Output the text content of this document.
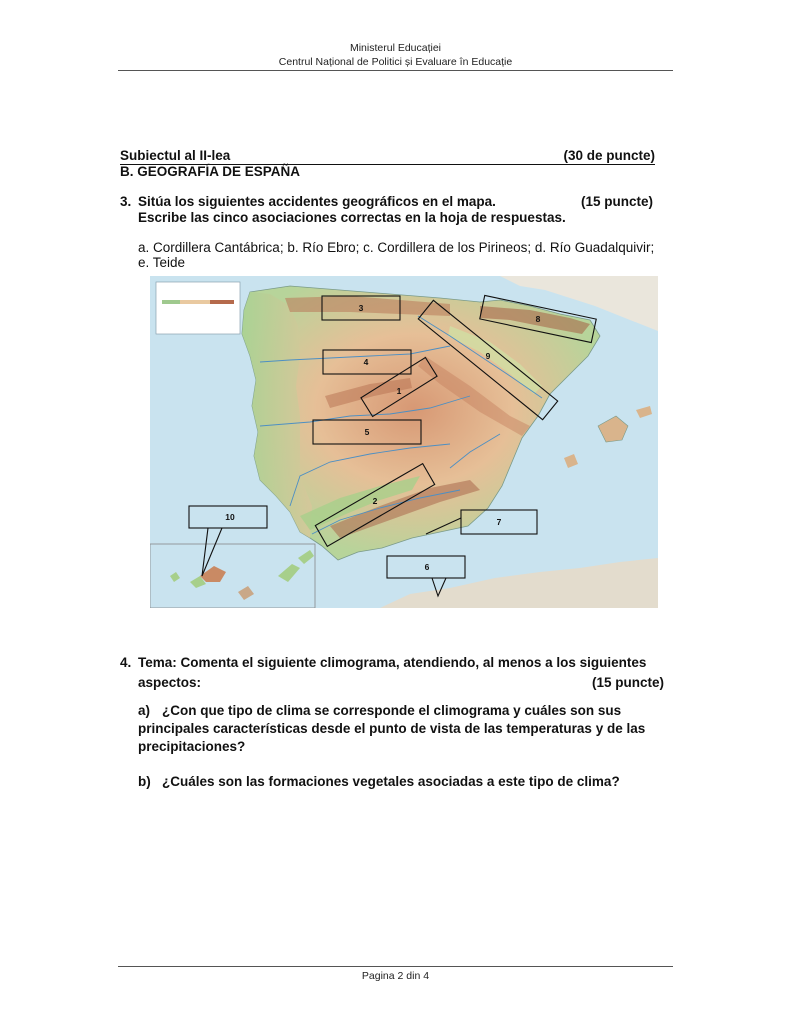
Ministerul Educației
Centrul Național de Politici și Evaluare în Educație
Subiectul al II-lea	(30 de puncte)
B. GEOGRAFÍA DE ESPAÑA
3. Sitúa los siguientes accidentes geográficos en el mapa.	(15 puncte)
Escribe las cinco asociaciones correctas en la hoja de respuestas.
a. Cordillera Cantábrica; b. Río Ebro; c. Cordillera de los Pirineos; d. Río Guadalquivir;
e. Teide
1
2
3
4
5
6
7
8
9
10
4. Tema: Comenta el siguiente climograma, atendiendo, al menos a los siguientes
aspectos:	(15 puncte)
a) ¿Con que tipo de clima se corresponde el climograma y cuáles son sus
principales características desde el punto de vista de las temperaturas y de las
precipitaciones?
b) ¿Cuáles son las formaciones vegetales asociadas a este tipo de clima?
Pagina 2 din 4
